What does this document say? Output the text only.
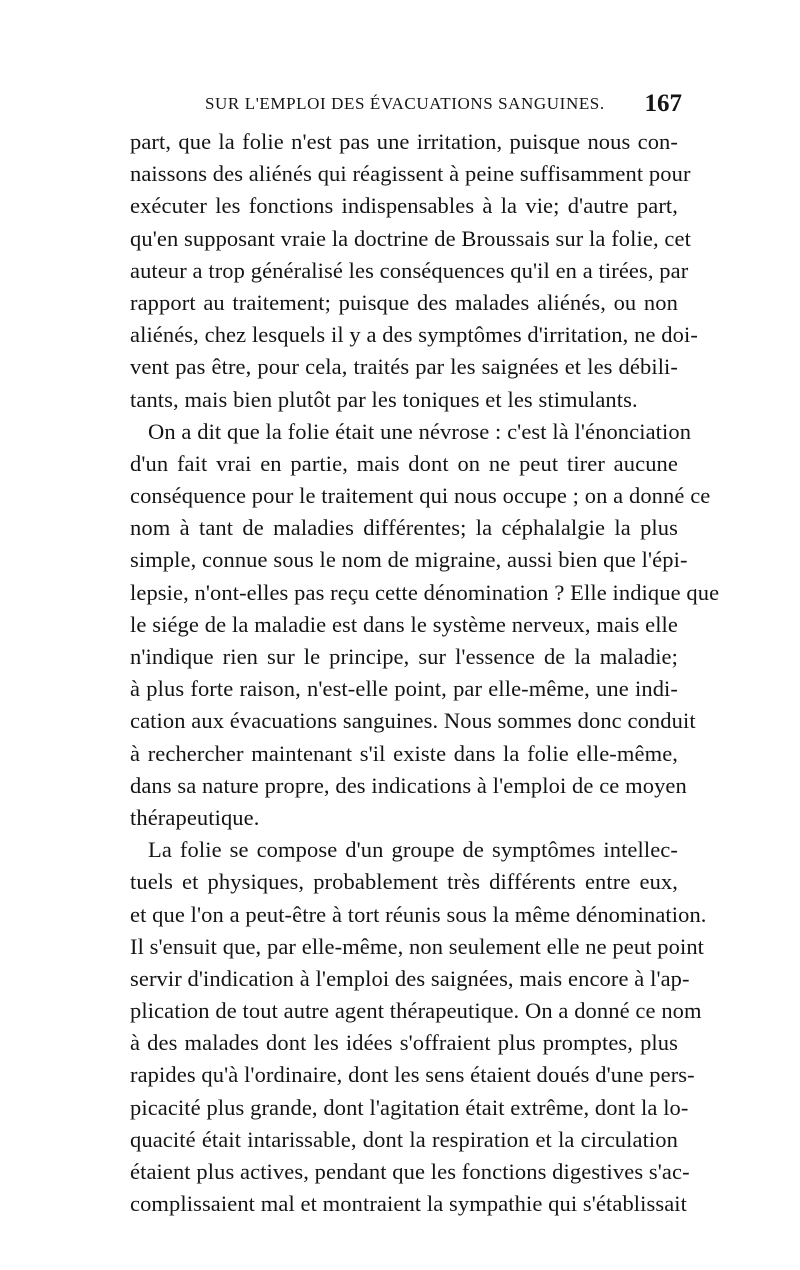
SUR L'EMPLOI DES ÉVACUATIONS SANGUINES. 167
part, que la folie n'est pas une irritation, puisque nous con-
naissons des aliénés qui réagissent à peine suffisamment pour
exécuter les fonctions indispensables à la vie; d'autre part,
qu'en supposant vraie la doctrine de Broussais sur la folie, cet
auteur a trop généralisé les conséquences qu'il en a tirées, par
rapport au traitement; puisque des malades aliénés, ou non
aliénés, chez lesquels il y a des symptômes d'irritation, ne doi-
vent pas être, pour cela, traités par les saignées et les débili-
tants, mais bien plutôt par les toniques et les stimulants.
On a dit que la folie était une névrose : c'est là l'énonciation
d'un fait vrai en partie, mais dont on ne peut tirer aucune
conséquence pour le traitement qui nous occupe ; on a donné ce
nom à tant de maladies différentes; la céphalalgie la plus
simple, connue sous le nom de migraine, aussi bien que l'épi-
lepsie, n'ont-elles pas reçu cette dénomination ? Elle indique que
le siége de la maladie est dans le système nerveux, mais elle
n'indique rien sur le principe, sur l'essence de la maladie;
à plus forte raison, n'est-elle point, par elle-même, une indi-
cation aux évacuations sanguines. Nous sommes donc conduit
à rechercher maintenant s'il existe dans la folie elle-même,
dans sa nature propre, des indications à l'emploi de ce moyen
thérapeutique.
La folie se compose d'un groupe de symptômes intellec-
tuels et physiques, probablement très différents entre eux,
et que l'on a peut-être à tort réunis sous la même dénomination.
Il s'ensuit que, par elle-même, non seulement elle ne peut point
servir d'indication à l'emploi des saignées, mais encore à l'ap-
plication de tout autre agent thérapeutique. On a donné ce nom
à des malades dont les idées s'offraient plus promptes, plus
rapides qu'à l'ordinaire, dont les sens étaient doués d'une pers-
picacité plus grande, dont l'agitation était extrême, dont la lo-
quacité était intarissable, dont la respiration et la circulation
étaient plus actives, pendant que les fonctions digestives s'ac-
complissaient mal et montraient la sympathie qui s'établissait
